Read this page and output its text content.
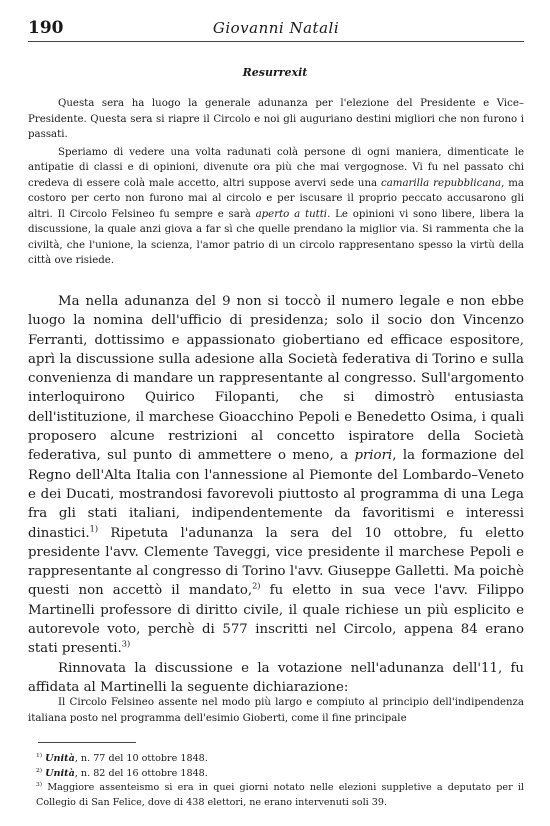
190	Giovanni Natali
Resurrexit

Questa sera ha luogo la generale adunanza per l'elezione del Presidente e Vice–Presidente. Questa sera si riapre il Circolo e noi gli auguriano destini migliori che non furono i passati.

Speriamo di vedere una volta radunati colà persone di ogni maniera, dimenticate le antipatie di classi e di opinioni, divenute ora più che mai vergognose. Vi fu nel passato chi credeva di essere colà male accetto, altri suppose avervi sede una camarilla repubblicana, ma costoro per certo non furono mai al circolo e per iscusare il proprio peccato accusarono gli altri. Il Circolo Felsineo fu sempre e sarà aperto a tutti. Le opinioni vi sono libere, libera la discussione, la quale anzi giova a far sì che quelle prendano la miglior via. Si rammenta che la civiltà, che l'unione, la scienza, l'amor patrio di un circolo rappresentano spesso la virtù della città ove risiede.

Ma nella adunanza del 9 non si toccò il numero legale e non ebbe luogo la nomina dell'ufficio di presidenza; solo il socio don Vincenzo Ferranti, dottissimo e appassionato giobertiano ed efficace espositore, aprì la discussione sulla adesione alla Società federativa di Torino e sulla convenienza di mandare un rappresentante al congresso. Sull'argomento interloquirono Quirico Filopanti, che si dimostrò entusiasta dell'istituzione, il marchese Gioacchino Pepoli e Benedetto Osima, i quali proposero alcune restrizioni al concetto ispiratore della Società federativa, sul punto di ammettere o meno, a priori, la formazione del Regno dell'Alta Italia con l'annessione al Piemonte del Lombardo–Veneto e dei Ducati, mostrandosi favorevoli piuttosto al programma di una Lega fra gli stati italiani, indipendentemente da favoritismi e interessi dinastici.$^{1)}$ Ripetuta l'adunanza la sera del 10 ottobre, fu eletto presidente l'avv. Clemente Taveggi, vice presidente il marchese Pepoli e rappresentante al congresso di Torino l'avv. Giuseppe Galletti. Ma poichè questi non accettò il mandato,$^{2)}$ fu eletto in sua vece l'avv. Filippo Martinelli professore di diritto civile, il quale richiese un più esplicito e autorevole voto, perchè di 577 inscritti nel Circolo, appena 84 erano stati presenti.$^{3)}$

Rinnovata la discussione e la votazione nell'adunanza dell'11, fu affidata al Martinelli la seguente dichiarazione:

Il Circolo Felsineo assente nel modo più largo e compiuto al principio dell'indipendenza italiana posto nel programma dell'esimio Gioberti, come il fine principale

$^{1)}$ Unità, n. 77 del 10 ottobre 1848.
$^{2)}$ Unità, n. 82 del 16 ottobre 1848.
$^{3)}$ Maggiore assenteismo si era in quei giorni notato nelle elezioni suppletive a deputato per il Collegio di San Felice, dove di 438 elettori, ne erano intervenuti soli 39.
